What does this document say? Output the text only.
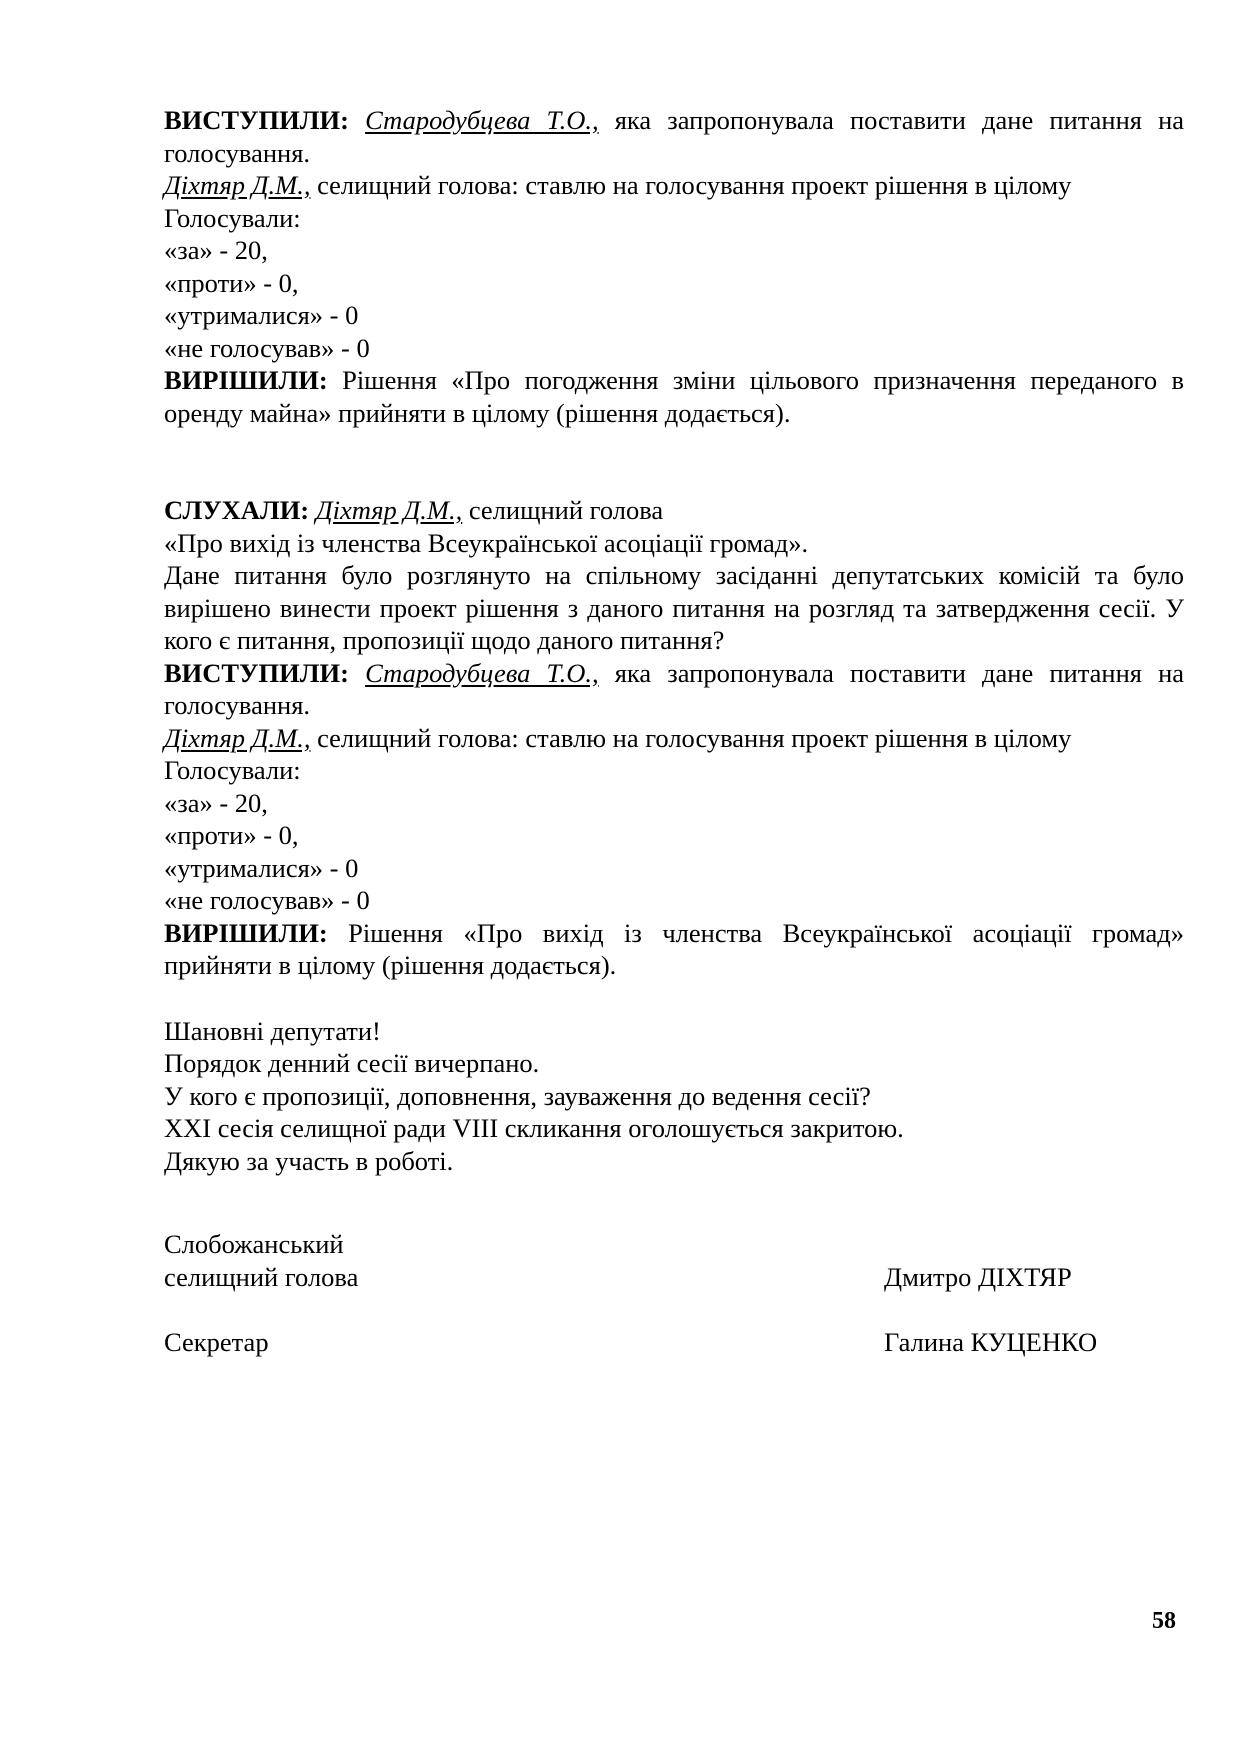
ВИСТУПИЛИ: Стародубцева Т.О., яка запропонувала поставити дане питання на голосування.

Діхтяр Д.М., селищний голова: ставлю на голосування проект рішення в цілому

Голосували:

«за» - 20,

«проти» - 0,

«утрималися» - 0

«не голосував» - 0

ВИРІШИЛИ: Рішення «Про погодження зміни цільового призначення переданого в оренду майна» прийняти в цілому (рішення додається).

СЛУХАЛИ: Діхтяр Д.М., селищний голова

«Про вихід із членства Всеукраїнської асоціації громад».

Дане питання було розглянуто на спільному засіданні депутатських комісій та було вирішено винести проект рішення з даного питання на розгляд та затвердження сесії. У кого є питання, пропозиції щодо даного питання?

ВИСТУПИЛИ: Стародубцева Т.О., яка запропонувала поставити дане питання на голосування.

Діхтяр Д.М., селищний голова: ставлю на голосування проект рішення в цілому

Голосували:

«за» - 20,

«проти» - 0,

«утрималися» - 0

«не голосував» - 0

ВИРІШИЛИ: Рішення «Про вихід із членства Всеукраїнської асоціації громад» прийняти в цілому (рішення додається).

Шановні депутати!

Порядок денний сесії вичерпано.

У кого є пропозиції, доповнення, зауваження до ведення сесії?

XXI сесія селищної ради VIII скликання оголошується закритою.

Дякую за участь в роботі.

Слобожанський
селищний голова	Дмитро ДІХТЯР
Секретар	Галина КУЦЕНКО
58
